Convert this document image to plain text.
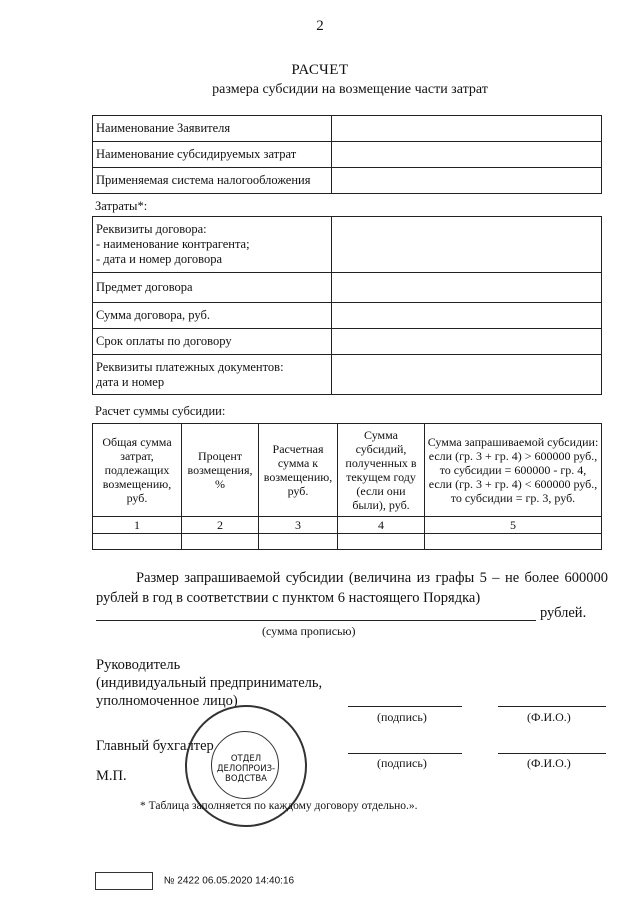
2
РАСЧЕТ
размера субсидии на возмещение части затрат
Наименование Заявителя	
Наименование субсидируемых затрат	
Применяемая система налогообложения	
Затраты*:
Реквизиты договора:
- наименование контрагента;
- дата и номер договора	
Предмет договора	
Сумма договора, руб.	
Срок оплаты по договору	
Реквизиты платежных документов:
дата и номер	
Расчет суммы субсидии:
Общая сумма затрат, подлежащих возмещению, руб.	Процент возмещения, %	Расчетная сумма к возмещению, руб.	Сумма субсидий, полученных в текущем году (если они были), руб.	Сумма запрашиваемой субсидии: если (гр. 3 + гр. 4) > 600000 руб., то субсидии = 600000 - гр. 4, если (гр. 3 + гр. 4) < 600000 руб., то субсидии = гр. 3, руб.
1	2	3	4	5

Размер запрашиваемой субсидии (величина из графы 5 – не более 600000 рублей в год в соответствии с пунктом 6 настоящего Порядка)
рублей.
(сумма прописью)
Руководитель
(индивидуальный предприниматель,
уполномоченное лицо)
(подпись)	(Ф.И.О.)
Главный бухгалтер
(подпись)	(Ф.И.О.)
М.П.
ОТДЕЛ
ДЕЛОПРОИЗ-
ВОДСТВА
* Таблица заполняется по каждому договору отдельно.».
№ 2422 06.05.2020 14:40:16
